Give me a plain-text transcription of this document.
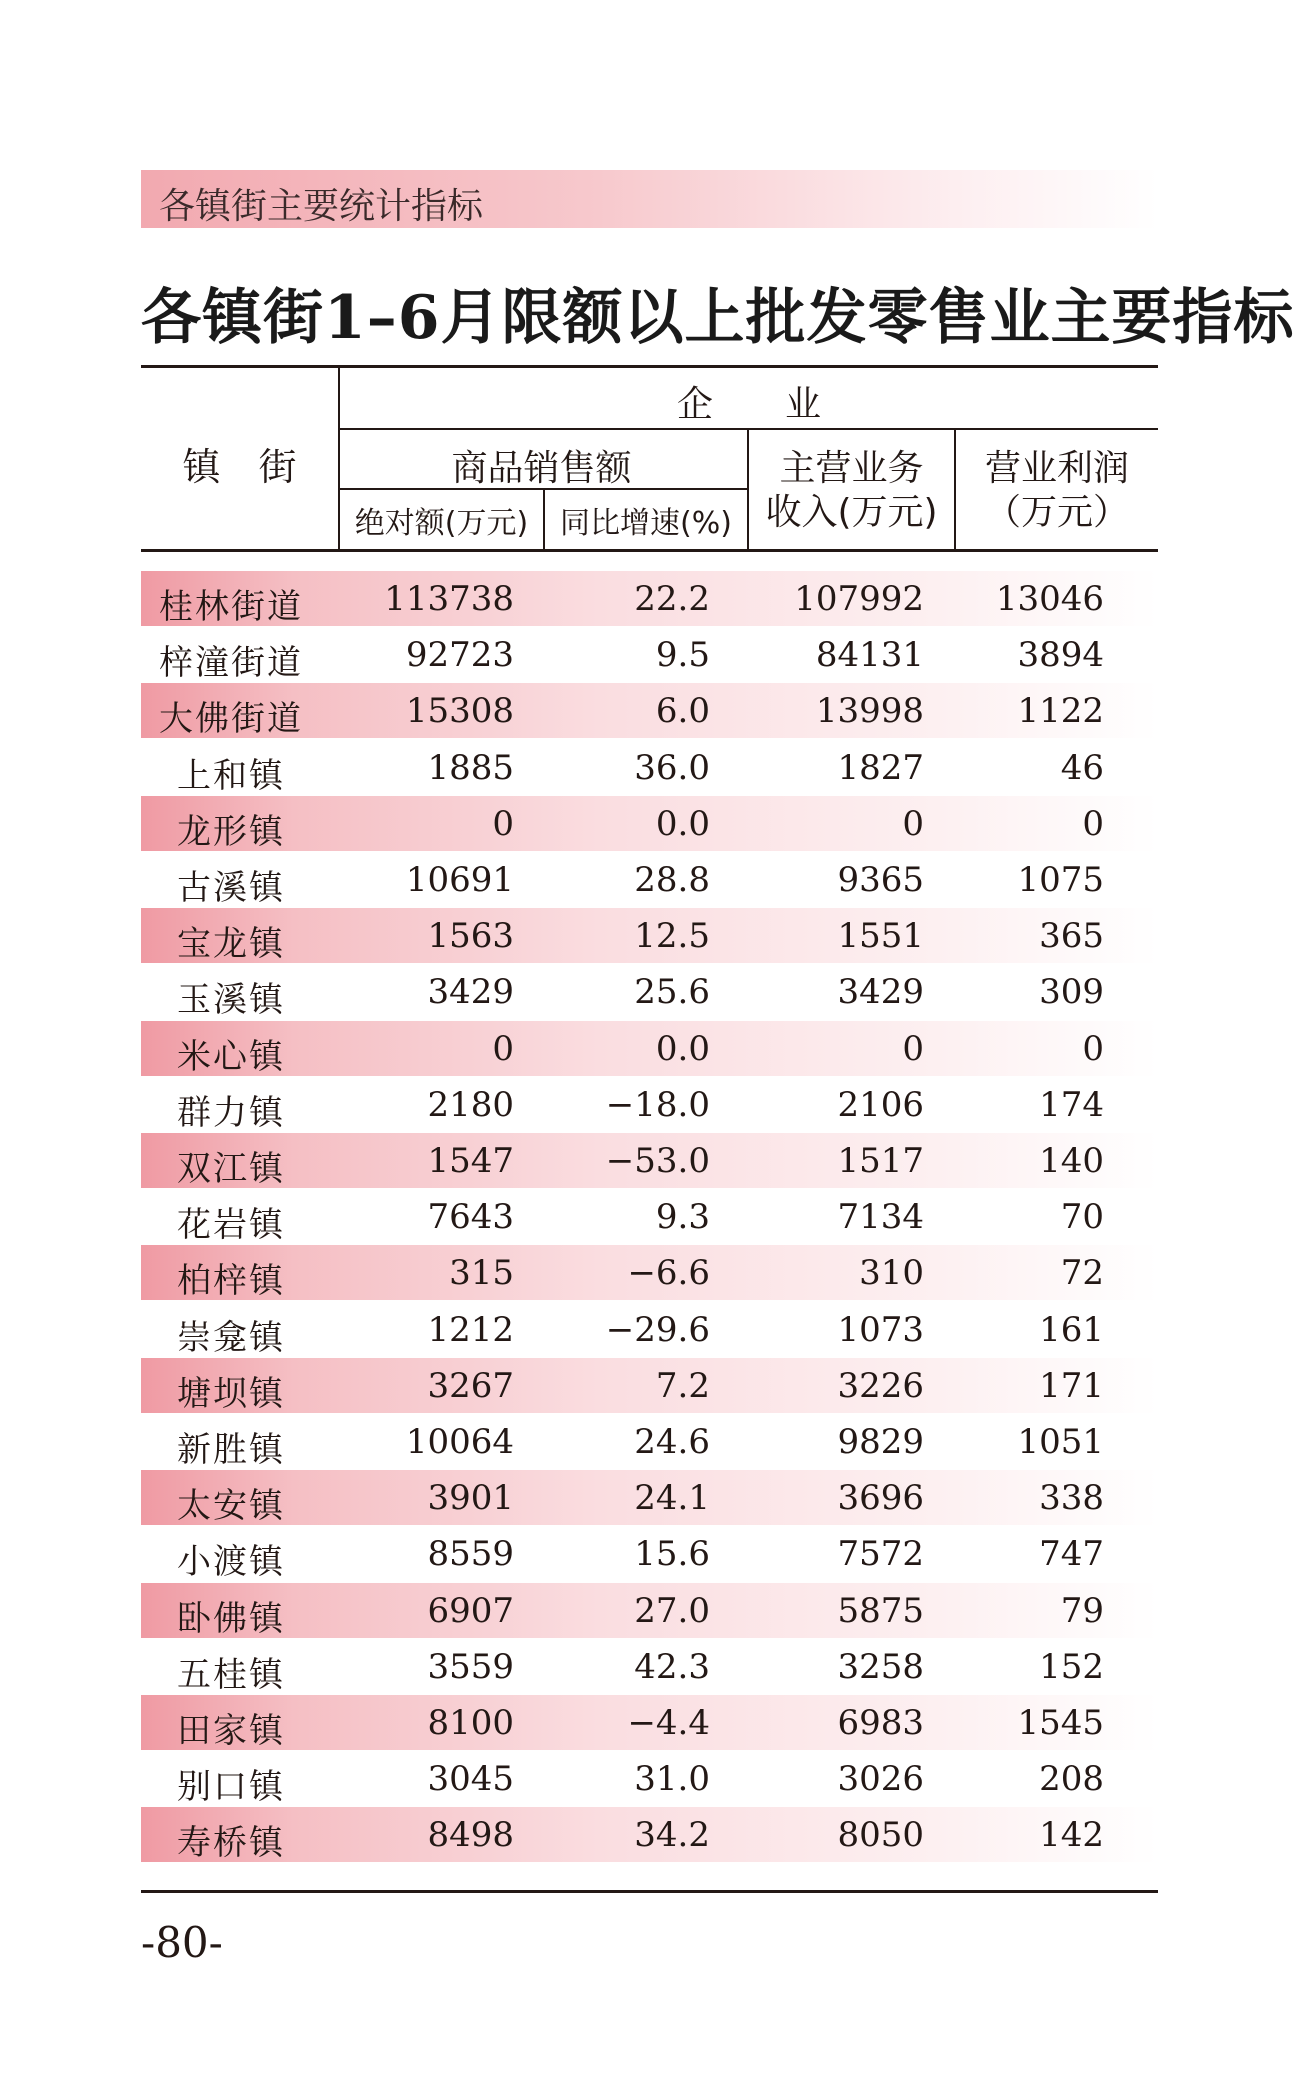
各镇街主要统计指标
各镇街1–6月限额以上批发零售业主要指标
镇　街
企　　业
商品销售额
绝对额(万元)	同比增速(%)
主营业务
收入(万元)
营业利润
（万元）
桂林街道 113738	22.2 107992 13046
梓潼街道	92723	9.5	84131	3894
大佛街道	15308	6.0	13998	1122
上和镇	1885	36.0	1827	46
龙形镇	0	0.0	0	0
古溪镇	10691	28.8	9365	1075
宝龙镇	1563	12.5	1551	365
玉溪镇	3429	25.6	3429	309
米心镇	0	0.0	0	0
群力镇	2180	−18.0	2106	174
双江镇	1547	−53.0	1517	140
花岩镇	7643	9.3	7134	70
柏梓镇	315	−6.6	310	72
崇龛镇	1212	−29.6	1073	161
塘坝镇	3267	7.2	3226	171
新胜镇	10064	24.6	9829	1051
太安镇	3901	24.1	3696	338
小渡镇	8559	15.6	7572	747
卧佛镇	6907	27.0	5875	79
五桂镇	3559	42.3	3258	152
田家镇	8100	−4.4	6983	1545
别口镇	3045	31.0	3026	208
寿桥镇	8498	34.2	8050	142
-80-
